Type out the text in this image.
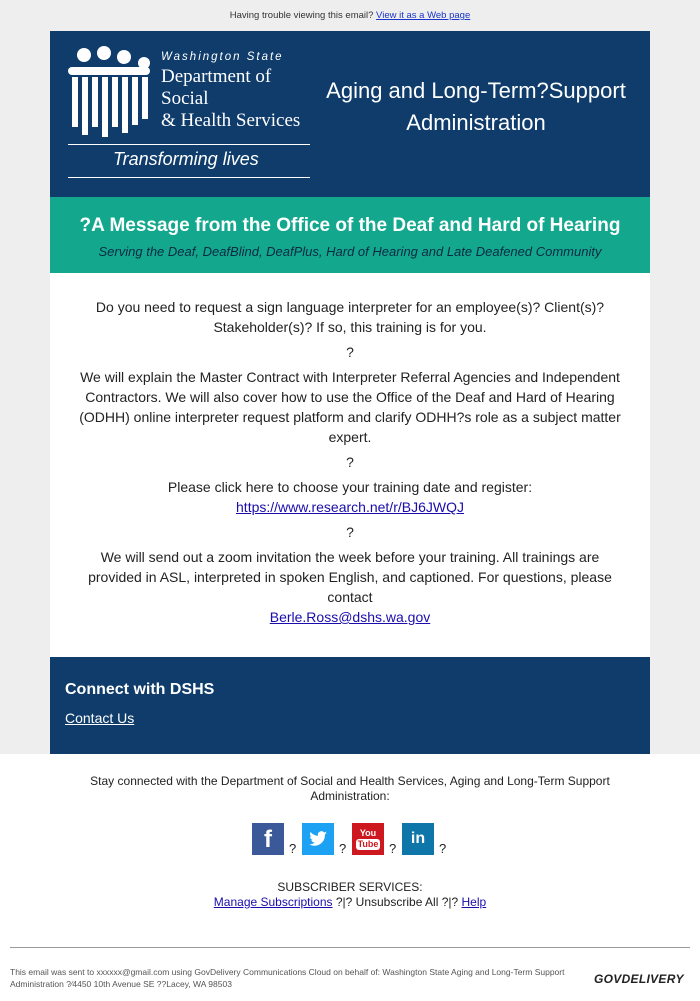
Having trouble viewing this email? View it as a Web page
Washington State
Department of Social
& Health Services
Transforming lives
Aging and Long-Term?Support
Administration
?A Message from the Office of the Deaf and Hard of Hearing

Serving the Deaf, DeafBlind, DeafPlus, Hard of Hearing and Late Deafened Community

Do you need to request a sign language interpreter for an employee(s)? Client(s)? Stakeholder(s)? If so, this training is for you.

?

We will explain the Master Contract with Interpreter Referral Agencies and Independent Contractors. We will also cover how to use the Office of the Deaf and Hard of Hearing (ODHH) online interpreter request platform and clarify ODHH?s role as a subject matter expert.

?

Please click here to choose your training date and register:

https://www.research.net/r/BJ6JWQJ

?

We will send out a zoom invitation the week before your training. All trainings are provided in ASL, interpreted in spoken English, and captioned. For questions, please contact

Berle.Ross@dshs.wa.gov

Connect with DSHS
Contact Us
Stay connected with the Department of Social and Health Services, Aging and Long-Term Support Administration:
f	?	?
You
Tube ?
in
?
SUBSCRIBER SERVICES:
Manage Subscriptions ?|? Unsubscribe All ?|? Help
This email was sent to xxxxxx@gmail.com using GovDelivery Communications Cloud on behalf of: Washington State Aging and Long-Term Support Administration ?⁄4450 10th Avenue SE ??Lacey, WA 98503	GOVDELIVERY
